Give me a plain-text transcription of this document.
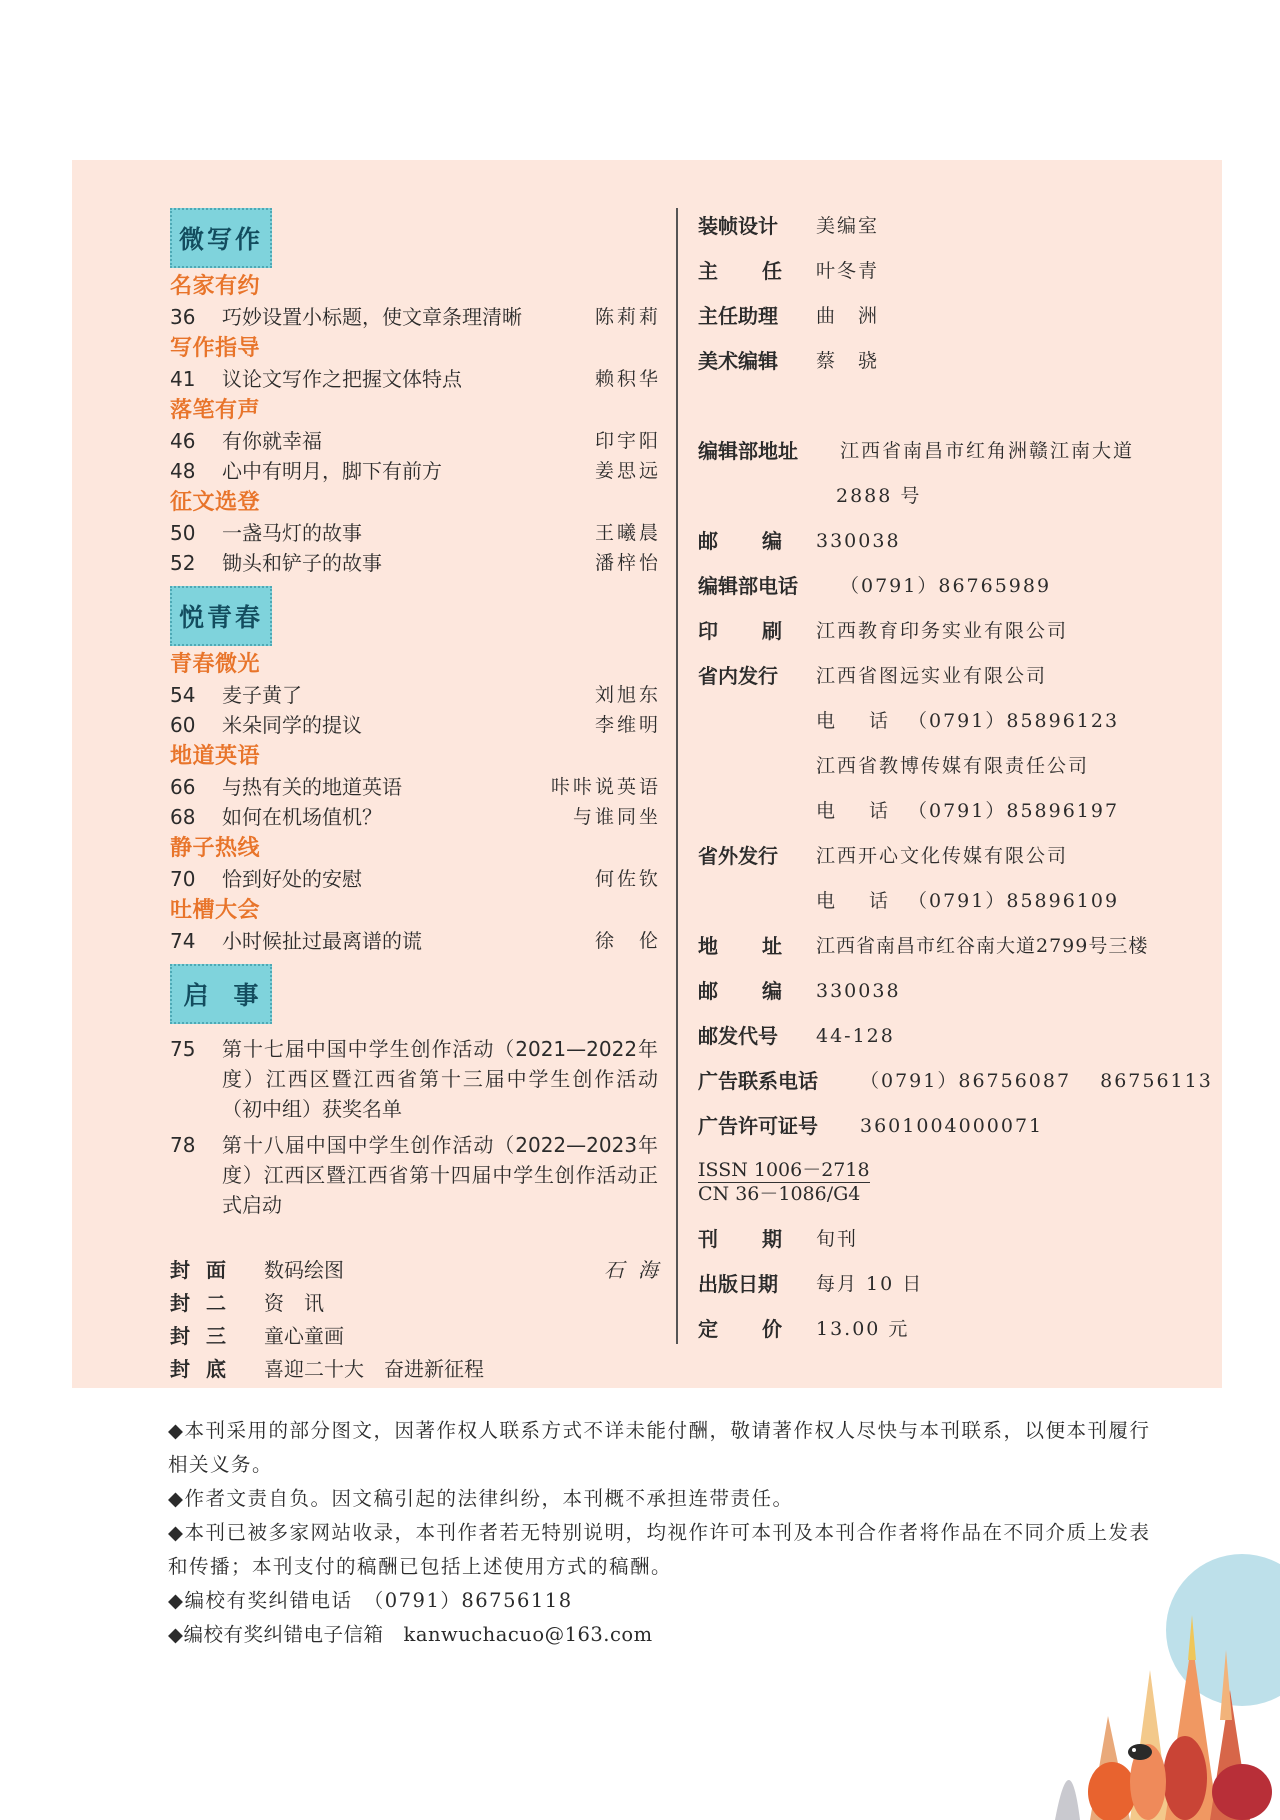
微写作
名家有约
36	巧妙设置小标题，使文章条理清晰	陈莉莉
写作指导
41	议论文写作之把握文体特点	赖积华
落笔有声
46	有你就幸福	印宇阳
48	心中有明月，脚下有前方	姜思远
征文选登
50	一盏马灯的故事	王曦晨
52	锄头和铲子的故事	潘梓怡
悦青春
青春微光
54	麦子黄了	刘旭东
60	米朵同学的提议	李维明
地道英语
66	与热有关的地道英语	咔咔说英语
68	如何在机场值机？	与谁同坐
静子热线
70	恰到好处的安慰	何佐钦
吐槽大会
74	小时候扯过最离谱的谎	徐　伦
启　事
75	第十七届中国中学生创作活动（2021—2022年度）江西区暨江西省第十三届中学生创作活动（初中组）获奖名单
78	第十八届中国中学生创作活动（2022—2023年度）江西区暨江西省第十四届中学生创作活动正式启动
封面	数码绘图	石海
封二	资　讯
封三	童心童画
封底	喜迎二十大　奋进新征程
装帧设计	美编室
主 任 叶冬青
主任助理	曲　洲
美术编辑	蔡　骁
编辑部地址	江西省南昌市红角洲赣江南大道
2888 号
邮 编 330038
编辑部电话	（0791）86765989
印 刷 江西教育印务实业有限公司
省内发行	江西省图远实业有限公司
电 话 （0791）85896123
江西省教博传媒有限责任公司
电 话 （0791）85896197
省外发行	江西开心文化传媒有限公司
电 话 （0791）85896109
地 址 江西省南昌市红谷南大道2799号三楼
邮 编 330038
邮发代号	44-128
广告联系电话	（0791）86756087　 86756113
广告许可证号	3601004000071
ISSN 1006－2718
CN 36－1086/G4
刊 期 旬刊
出版日期	每月 10 日
定 价 13.00 元

◆本刊采用的部分图文，因著作权人联系方式不详未能付酬，敬请著作权人尽快与本刊联系，以便本刊履行相关义务。

◆作者文责自负。因文稿引起的法律纠纷，本刊概不承担连带责任。

◆本刊已被多家网站收录，本刊作者若无特别说明，均视作许可本刊及本刊合作者将作品在不同介质上发表和传播；本刊支付的稿酬已包括上述使用方式的稿酬。

◆编校有奖纠错电话　（0791）86756118

◆编校有奖纠错电子信箱　kanwuchacuo@163.com
